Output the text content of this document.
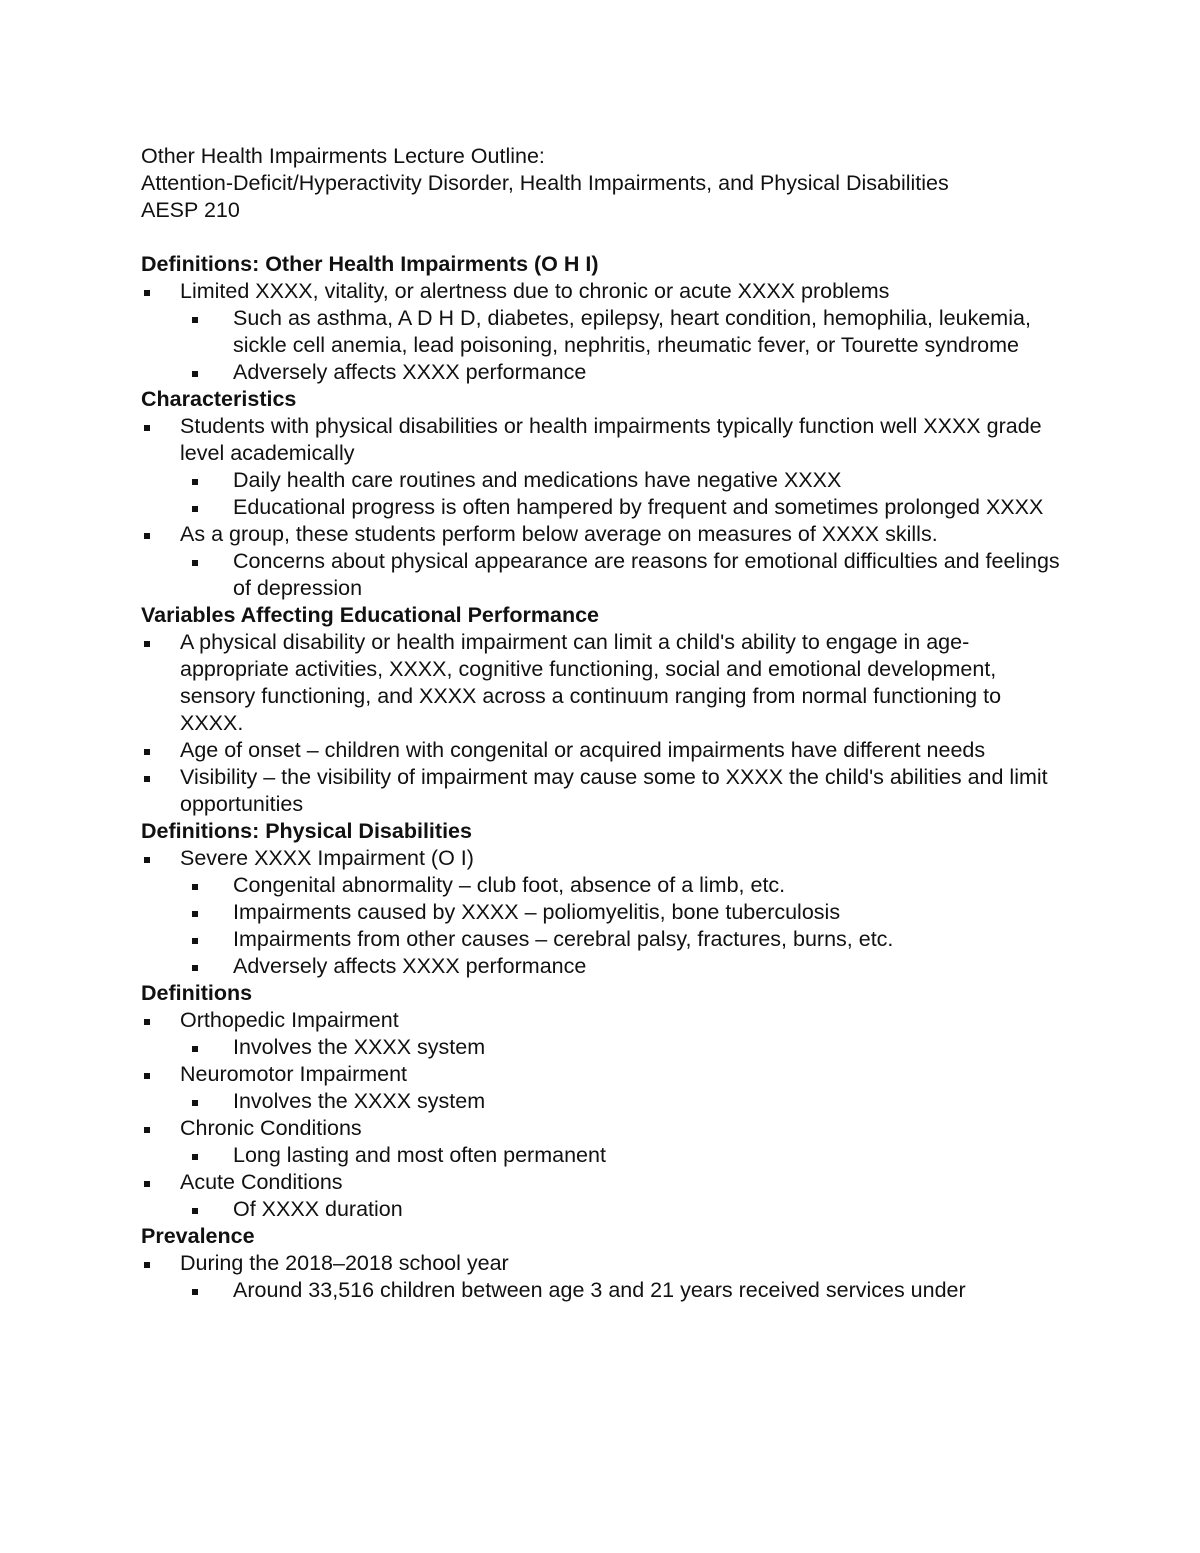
Other Health Impairments Lecture Outline:
Attention-Deficit/Hyperactivity Disorder, Health Impairments, and Physical Disabilities
AESP 210
Definitions: Other Health Impairments (O H I)
Limited XXXX, vitality, or alertness due to chronic or acute XXXX problems
Such as asthma, A D H D, diabetes, epilepsy, heart condition, hemophilia, leukemia, sickle cell anemia, lead poisoning, nephritis, rheumatic fever, or Tourette syndrome
Adversely affects XXXX performance
Characteristics
Students with physical disabilities or health impairments typically function well XXXX grade level academically
Daily health care routines and medications have negative XXXX
Educational progress is often hampered by frequent and sometimes prolonged XXXX
As a group, these students perform below average on measures of XXXX skills.
Concerns about physical appearance are reasons for emotional difficulties and feelings of depression
Variables Affecting Educational Performance
A physical disability or health impairment can limit a child's ability to engage in age-appropriate activities, XXXX, cognitive functioning, social and emotional development, sensory functioning, and XXXX across a continuum ranging from normal functioning to XXXX.
Age of onset – children with congenital or acquired impairments have different needs
Visibility – the visibility of impairment may cause some to XXXX the child's abilities and limit opportunities
Definitions: Physical Disabilities
Severe XXXX Impairment (O I)
Congenital abnormality – club foot, absence of a limb, etc.
Impairments caused by XXXX – poliomyelitis, bone tuberculosis
Impairments from other causes – cerebral palsy, fractures, burns, etc.
Adversely affects XXXX performance
Definitions
Orthopedic Impairment
Involves the XXXX system
Neuromotor Impairment
Involves the XXXX system
Chronic Conditions
Long lasting and most often permanent
Acute Conditions
Of XXXX duration
Prevalence
During the 2018–2018 school year
Around 33,516 children between age 3 and 21 years received services under
